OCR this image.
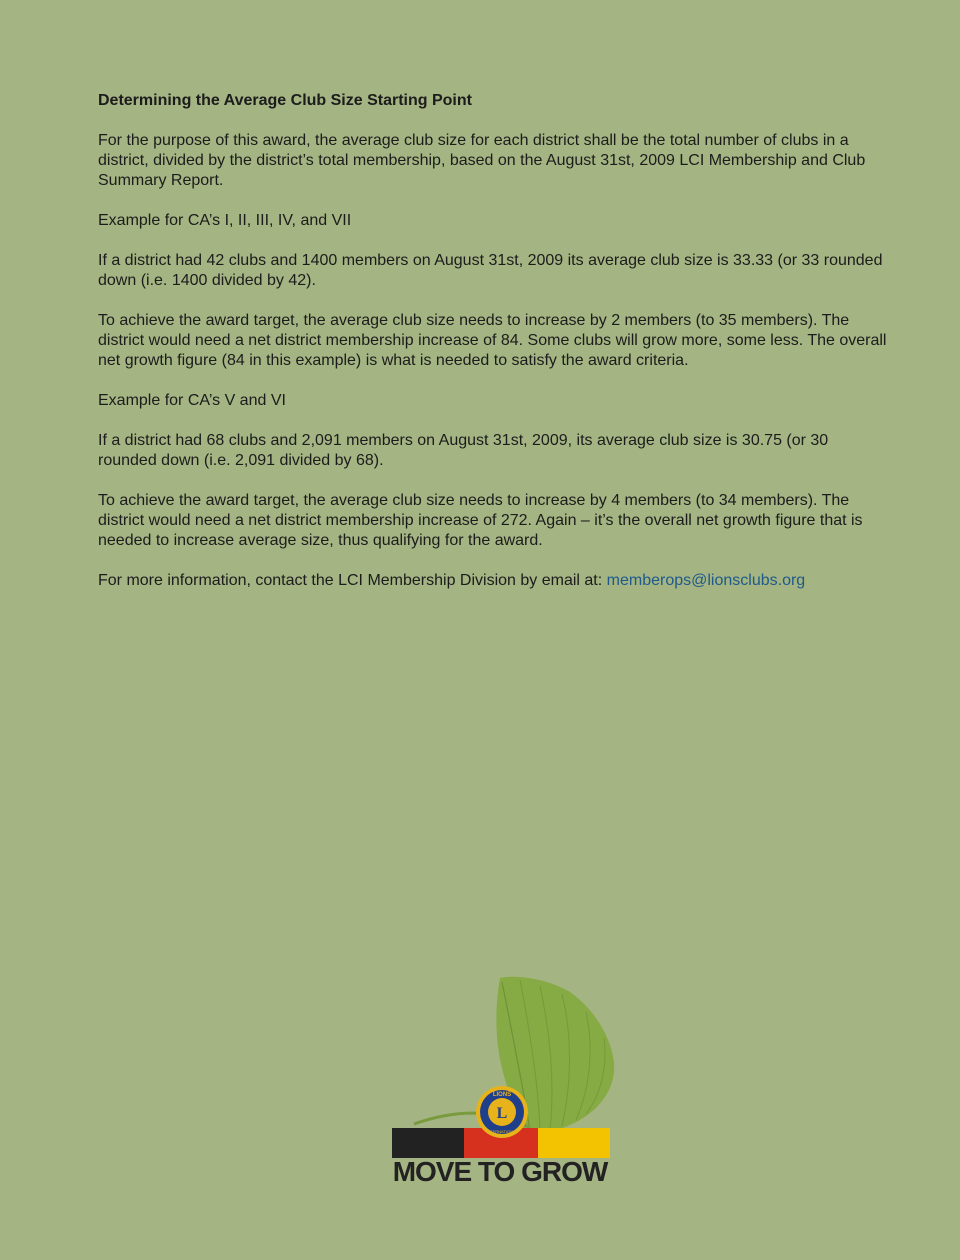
Determining the Average Club Size Starting Point

For the purpose of this award, the average club size for each district shall be the total number of clubs in a district, divided by the district’s total membership, based on the August 31st, 2009 LCI Membership and Club Summary Report.

Example for CA’s I, II, III, IV, and VII

If a district had 42 clubs and 1400 members on August 31st, 2009 its average club size is 33.33 (or 33 rounded down (i.e. 1400 divided by 42).

To achieve the award target, the average club size needs to increase by 2 members (to 35 members). The district would need a net district membership increase of 84. Some clubs will grow more, some less. The overall net growth figure (84 in this example) is what is needed to satisfy the award criteria.

Example for CA’s V and VI

If a district had 68 clubs and 2,091 members on August 31st, 2009, its average club size is 30.75 (or 30 rounded down (i.e. 2,091 divided by 68).

To achieve the award target, the average club size needs to increase by 4 members (to 34 members). The district would need a net district membership increase of 272. Again – it’s the overall net growth figure that is needed to increase average size, thus qualifying for the award.

For more information, contact the LCI Membership Division by email at: memberops@lionsclubs.org

L
LIONS
INTERNATIONAL
MOVE TO GROW
